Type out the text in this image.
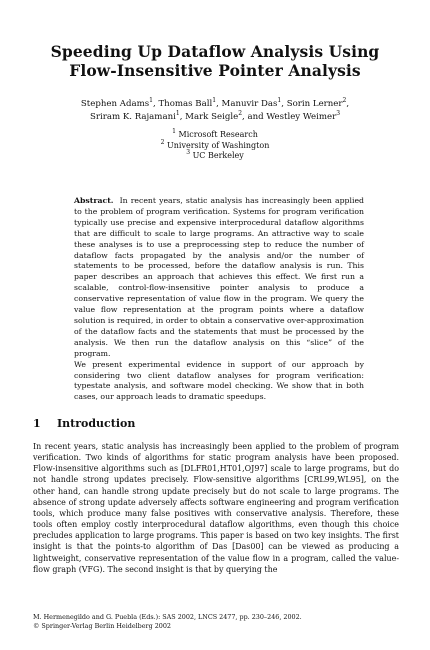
Speeding Up Dataflow Analysis Using
Flow-Insensitive Pointer Analysis
Stephen Adams$^1$, Thomas Ball$^1$, Manuvir Das$^1$, Sorin Lerner$^2$,
Sriram K. Rajamani$^1$, Mark Seigle$^2$, and Westley Weimer$^3$
$^1$ Microsoft Research
$^2$ University of Washington
$^3$ UC Berkeley

Abstract. In recent years, static analysis has increasingly been applied to the problem of program verification. Systems for program verification typically use precise and expensive interprocedural dataflow algorithms that are difficult to scale to large programs. An attractive way to scale these analyses is to use a preprocessing step to reduce the number of dataflow facts propagated by the analysis and/or the number of statements to be processed, before the dataflow analysis is run. This paper describes an approach that achieves this effect. We first run a scalable, control-flow-insensitive pointer analysis to produce a conservative representation of value flow in the program. We query the value flow representation at the program points where a dataflow solution is required, in order to obtain a conservative over-approximation of the dataflow facts and the statements that must be processed by the analysis. We then run the dataflow analysis on this “slice” of the program.

We present experimental evidence in support of our approach by considering two client dataflow analyses for program verification: typestate analysis, and software model checking. We show that in both cases, our approach leads to dramatic speedups.

1 Introduction

In recent years, static analysis has increasingly been applied to the problem of program verification. Two kinds of algorithms for static program analysis have been proposed. Flow-insensitive algorithms such as [DLFR01,HT01,OJ97] scale to large programs, but do not handle strong updates precisely. Flow-sensitive algorithms [CRL99,WL95], on the other hand, can handle strong update precisely but do not scale to large programs. The absence of strong update adversely affects software engineering and program verification tools, which produce many false positives with conservative analysis. Therefore, these tools often employ costly interprocedural dataflow algorithms, even though this choice precludes application to large programs. This paper is based on two key insights. The first insight is that the points-to algorithm of Das [Das00] can be viewed as producing a lightweight, conservative representation of the value flow in a program, called the value-flow graph (VFG). The second insight is that by querying the

M. Hermenegildo and G. Puebla (Eds.): SAS 2002, LNCS 2477, pp. 230–246, 2002.
© Springer-Verlag Berlin Heidelberg 2002
